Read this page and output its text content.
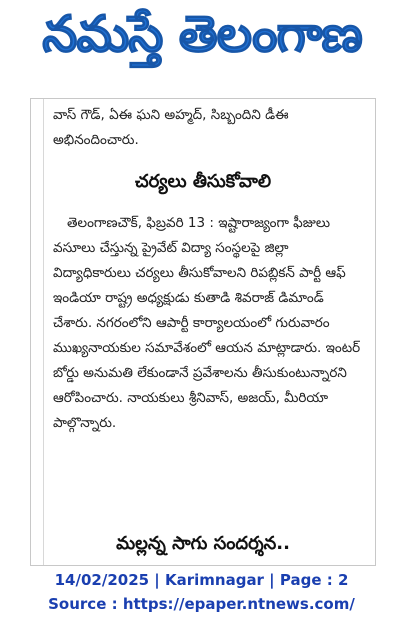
నమస్తే తెలంగాణ
వాస్ గౌడ్, ఏఈ ఘని అహ్మద్, సిబ్బందిని డీఈ అభినందించారు.
చర్యలు తీసుకోవాలి
తెలంగాణచౌక్, ఫిబ్రవరి 13 : ఇష్టారాజ్యంగా ఫీజులు వసూలు చేస్తున్న ప్రైవేట్ విద్యా సంస్థలపై జిల్లా విద్యాధికారులు చర్యలు తీసుకోవాలని రిపబ్లికన్ పార్టీ ఆఫ్ ఇండియా రాష్ట్ర అధ్యక్షుడు కుతాడి శివరాజ్ డిమాండ్ చేశారు. నగరంలోని ఆపార్టీ కార్యాలయంలో గురువారం ముఖ్యనాయకుల సమావేశంలో ఆయన మాట్లాడారు. ఇంటర్ బోర్డు అనుమతి లేకుండానే ప్రవేశాలను తీసుకుంటున్నారని ఆరోపించారు. నాయకులు శ్రీనివాస్, అజయ్, మీరియా పాల్గొన్నారు.
మల్లన్న సాగు సందర్శన..
14/02/2025 | Karimnagar | Page : 2
Source : https://epaper.ntnews.com/
